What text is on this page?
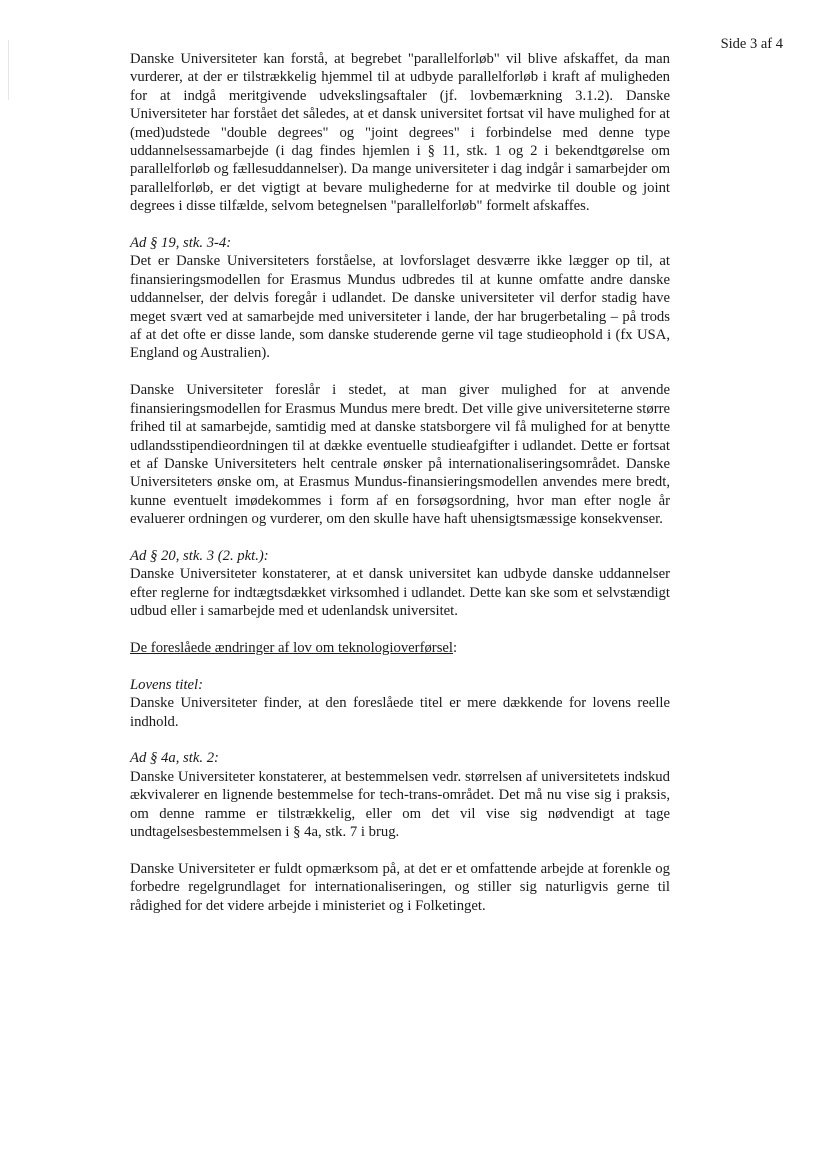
Side 3 af 4

Danske Universiteter kan forstå, at begrebet "parallelforløb" vil blive afskaffet, da man vurderer, at der er tilstrækkelig hjemmel til at udbyde parallelforløb i kraft af muligheden for at indgå meritgivende udvekslingsaftaler (jf. lovbemærkning 3.1.2). Danske Universiteter har forstået det således, at et dansk universitet fortsat vil have mulighed for at (med)udstede "double degrees" og "joint degrees" i forbindelse med denne type uddannelsessamarbejde (i dag findes hjemlen i § 11, stk. 1 og 2 i bekendtgørelse om parallelforløb og fællesuddannelser). Da mange universiteter i dag indgår i samarbejder om parallelforløb, er det vigtigt at bevare mulighederne for at medvirke til double og joint degrees i disse tilfælde, selvom betegnelsen "parallelforløb" formelt afskaffes.

Ad § 19, stk. 3-4:

Det er Danske Universiteters forståelse, at lovforslaget desværre ikke lægger op til, at finansieringsmodellen for Erasmus Mundus udbredes til at kunne omfatte andre danske uddannelser, der delvis foregår i udlandet. De danske universiteter vil derfor stadig have meget svært ved at samarbejde med universiteter i lande, der har brugerbetaling – på trods af at det ofte er disse lande, som danske studerende gerne vil tage studieophold i (fx USA, England og Australien).

Danske Universiteter foreslår i stedet, at man giver mulighed for at anvende finansieringsmodellen for Erasmus Mundus mere bredt. Det ville give universiteterne større frihed til at samarbejde, samtidig med at danske statsborgere vil få mulighed for at benytte udlandsstipendieordningen til at dække eventuelle studieafgifter i udlandet. Dette er fortsat et af Danske Universiteters helt centrale ønsker på internationaliseringsområdet. Danske Universiteters ønske om, at Erasmus Mundus-finansieringsmodellen anvendes mere bredt, kunne eventuelt imødekommes i form af en forsøgsordning, hvor man efter nogle år evaluerer ordningen og vurderer, om den skulle have haft uhensigtsmæssige konsekvenser.

Ad § 20, stk. 3 (2. pkt.):

Danske Universiteter konstaterer, at et dansk universitet kan udbyde danske uddannelser efter reglerne for indtægtsdækket virksomhed i udlandet. Dette kan ske som et selvstændigt udbud eller i samarbejde med et udenlandsk universitet.

De foreslåede ændringer af lov om teknologioverførsel:

Lovens titel:

Danske Universiteter finder, at den foreslåede titel er mere dækkende for lovens reelle indhold.

Ad § 4a, stk. 2:

Danske Universiteter konstaterer, at bestemmelsen vedr. størrelsen af universitetets indskud ækvivalerer en lignende bestemmelse for tech-trans-området. Det må nu vise sig i praksis, om denne ramme er tilstrækkelig, eller om det vil vise sig nødvendigt at tage undtagelsesbestemmelsen i § 4a, stk. 7 i brug.

Danske Universiteter er fuldt opmærksom på, at det er et omfattende arbejde at forenkle og forbedre regelgrundlaget for internationaliseringen, og stiller sig naturligvis gerne til rådighed for det videre arbejde i ministeriet og i Folketinget.
